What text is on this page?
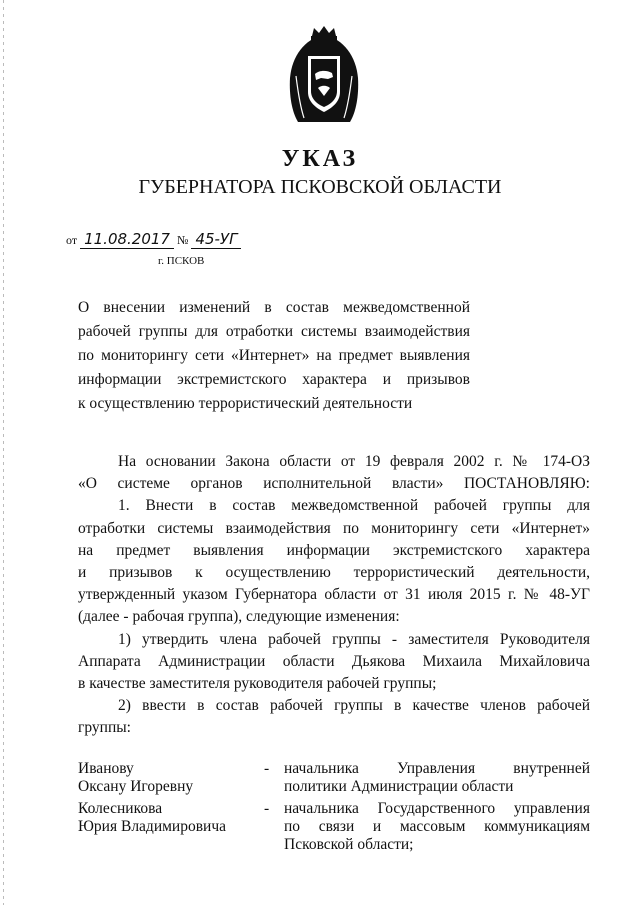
УКАЗ
ГУБЕРНАТОРА ПСКОВСКОЙ ОБЛАСТИ
от 11.08.2017 № 45-УГ
г. ПСКОВ
О внесении изменений в состав межведомственной
рабочей группы для отработки системы взаимодействия
по мониторингу сети «Интернет» на предмет выявления
информации экстремистского характера и призывов
к осуществлению террористический деятельности
На основании Закона области от 19 февраля 2002 г. № 174-ОЗ
«О системе органов исполнительной власти» ПОСТАНОВЛЯЮ:
1. Внести в состав межведомственной рабочей группы для
отработки системы взаимодействия по мониторингу сети «Интернет»
на предмет выявления информации экстремистского характера
и призывов к осуществлению террористический деятельности,
утвержденный указом Губернатора области от 31 июля 2015 г. № 48-УГ
(далее - рабочая группа), следующие изменения:
1) утвердить члена рабочей группы - заместителя Руководителя
Аппарата Администрации области Дьякова Михаила Михайловича
в качестве заместителя руководителя рабочей группы;
2) ввести в состав рабочей группы в качестве членов рабочей
группы:
Иванову
Оксану Игоревну
- начальника Управления внутренней
политики Администрации области
Колесникова
Юрия Владимировича
- начальника Государственного управления
по связи и массовым коммуникациям
Псковской области;
